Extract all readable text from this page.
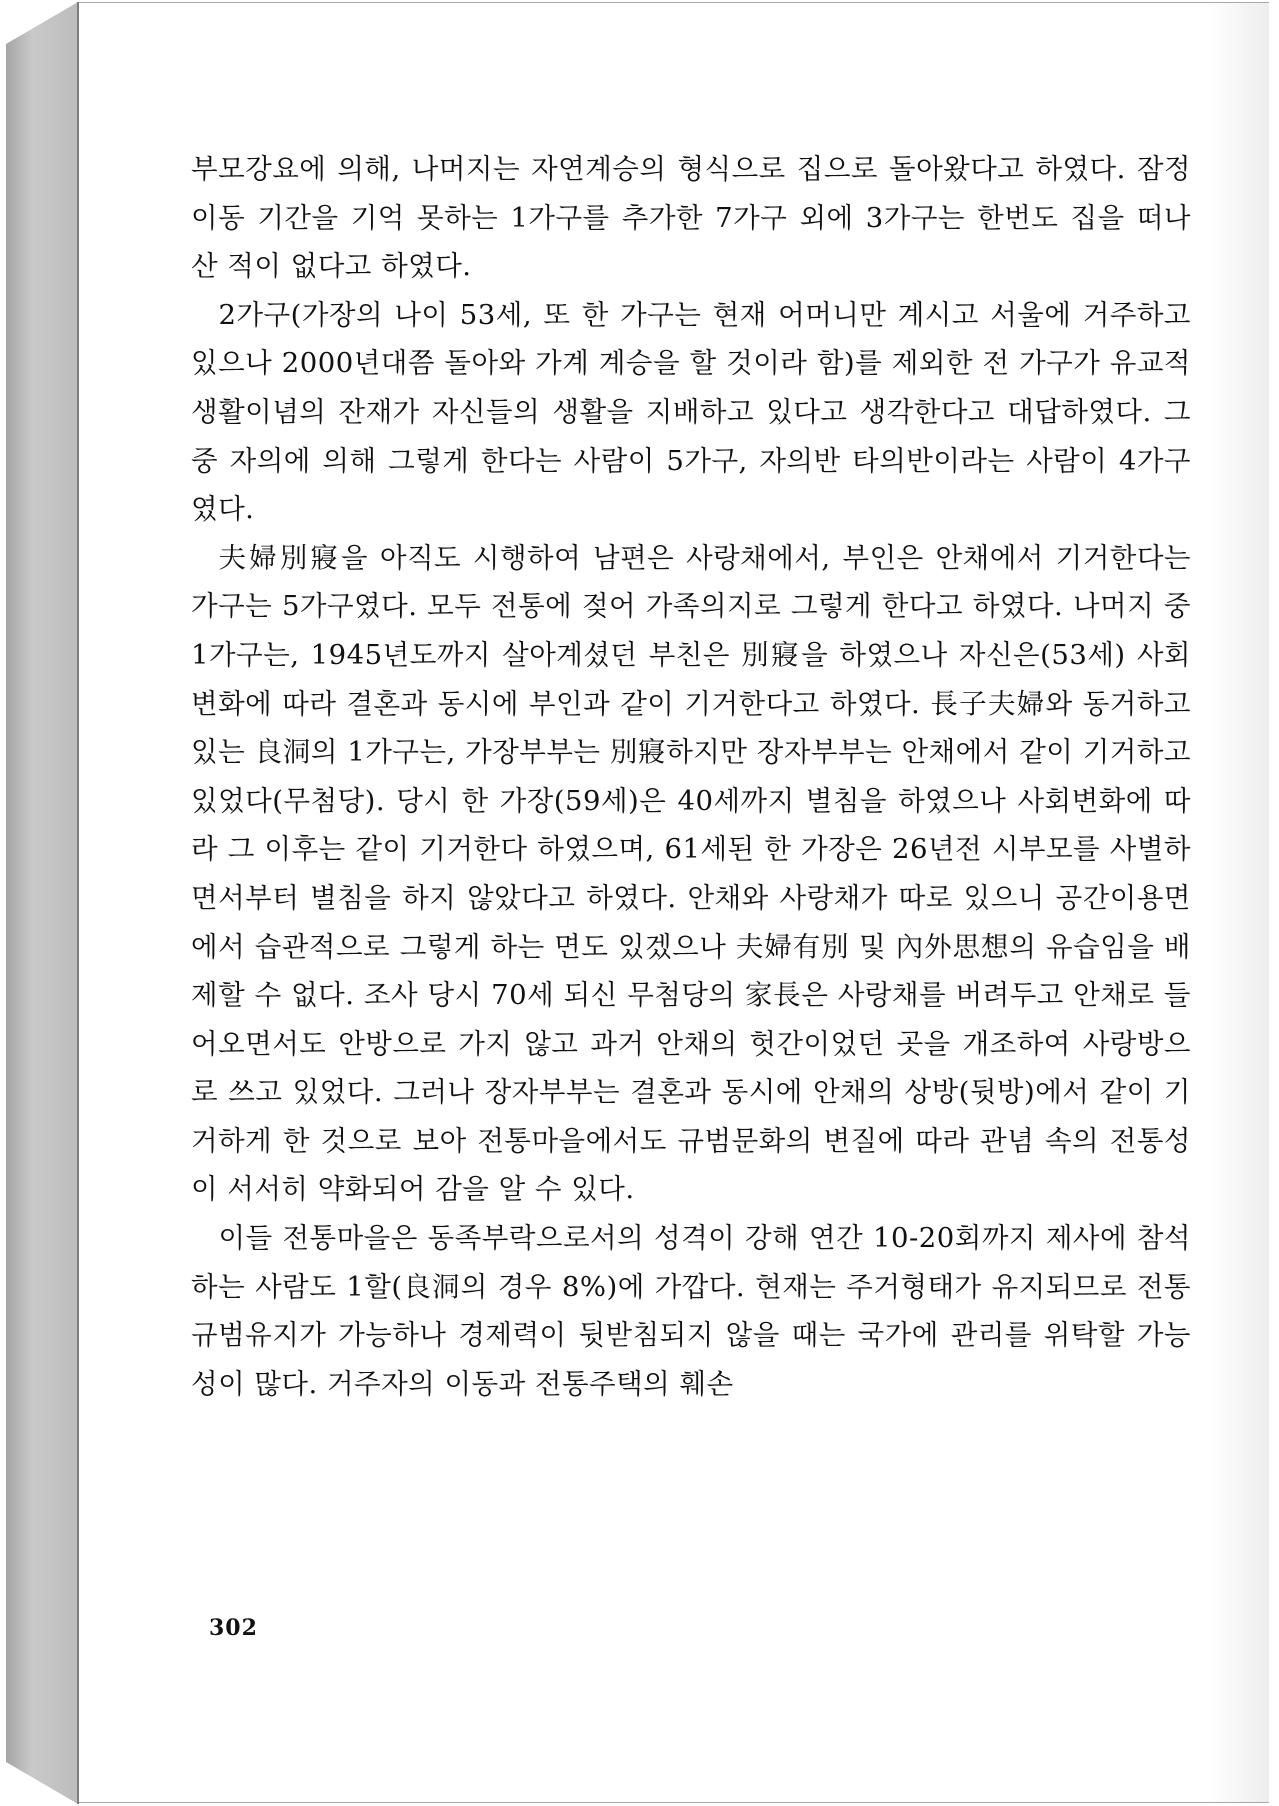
부모강요에 의해, 나머지는 자연계승의 형식으로 집으로 돌아왔다고 하였다. 잠정 이동 기간을 기억 못하는 1가구를 추가한 7가구 외에 3가구는 한번도 집을 떠나 산 적이 없다고 하였다.

2가구(가장의 나이 53세, 또 한 가구는 현재 어머니만 계시고 서울에 거주하고 있으나 2000년대쯤 돌아와 가계 계승을 할 것이라 함)를 제외한 전 가구가 유교적 생활이념의 잔재가 자신들의 생활을 지배하고 있다고 생각한다고 대답하였다. 그 중 자의에 의해 그렇게 한다는 사람이 5가구, 자의반 타의반이라는 사람이 4가구였다.

夫婦別寢을 아직도 시행하여 남편은 사랑채에서, 부인은 안채에서 기거한다는 가구는 5가구였다. 모두 전통에 젖어 가족의지로 그렇게 한다고 하였다. 나머지 중 1가구는, 1945년도까지 살아계셨던 부친은 別寢을 하였으나 자신은(53세) 사회변화에 따라 결혼과 동시에 부인과 같이 기거한다고 하였다. 長子夫婦와 동거하고 있는 良洞의 1가구는, 가장부부는 別寢하지만 장자부부는 안채에서 같이 기거하고 있었다(무첨당). 당시 한 가장(59세)은 40세까지 별침을 하였으나 사회변화에 따라 그 이후는 같이 기거한다 하였으며, 61세된 한 가장은 26년전 시부모를 사별하면서부터 별침을 하지 않았다고 하였다. 안채와 사랑채가 따로 있으니 공간이용면에서 습관적으로 그렇게 하는 면도 있겠으나 夫婦有別 및 內外思想의 유습임을 배제할 수 없다. 조사 당시 70세 되신 무첨당의 家長은 사랑채를 버려두고 안채로 들어오면서도 안방으로 가지 않고 과거 안채의 헛간이었던 곳을 개조하여 사랑방으로 쓰고 있었다. 그러나 장자부부는 결혼과 동시에 안채의 상방(뒷방)에서 같이 기거하게 한 것으로 보아 전통마을에서도 규범문화의 변질에 따라 관념 속의 전통성이 서서히 약화되어 감을 알 수 있다.

이들 전통마을은 동족부락으로서의 성격이 강해 연간 10-20회까지 제사에 참석하는 사람도 1할(良洞의 경우 8%)에 가깝다. 현재는 주거형태가 유지되므로 전통규범유지가 가능하나 경제력이 뒷받침되지 않을 때는 국가에 관리를 위탁할 가능성이 많다. 거주자의 이동과 전통주택의 훼손

302
